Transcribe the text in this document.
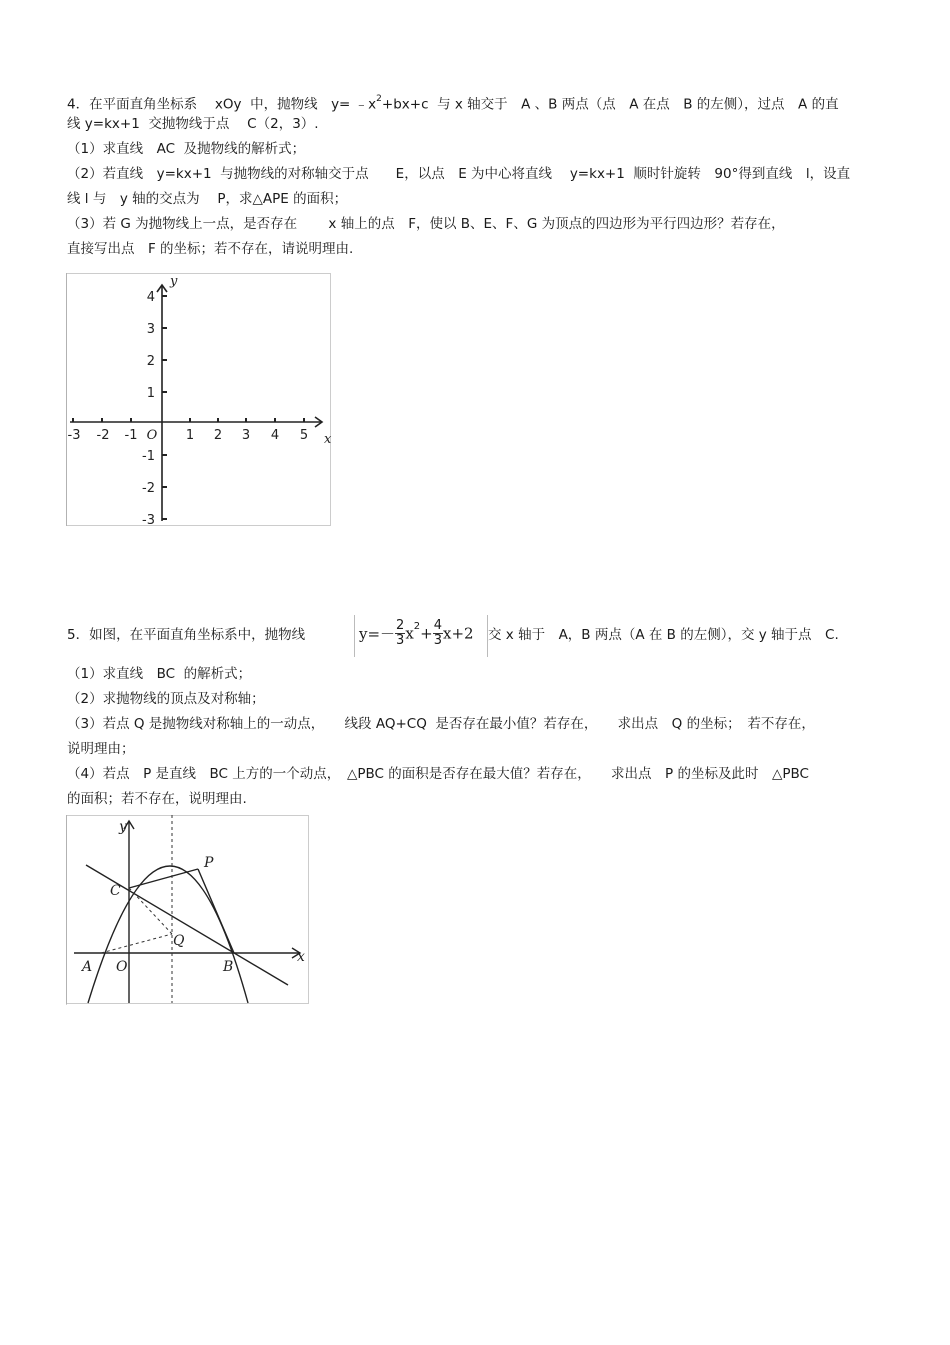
4．在平面直角坐标系　 xOy  中，抛物线　$y= ﹣x^2+bx+c$  与 x 轴交于　A 、B 两点（点　A 在点　B 的左侧），过点　A 的直
线 y=kx+1  交抛物线于点　 C（2，3）.
（1）求直线　AC  及抛物线的解析式；
（2）若直线　y=kx+1  与抛物线的对称轴交于点　　E，以点　E 为中心将直线　 y=kx+1  顺时针旋转　90°得到直线　l，设直
线 l 与　y 轴的交点为　 P，求△APE 的面积；
（3）若 G 为抛物线上一点，是否存在　 　x 轴上的点　F，使以 B、E、F、G 为顶点的四边形为平行四边形？若存在，
直接写出点　F 的坐标；若不存在，请说明理由.
-3 -2 -1 O 1 2 3 4 5
4
3
2
1
-1
-2
-3
x
y
5．如图，在平面直角坐标系中，抛物线	$y=- \frac{2}{3} x^2+ \frac{4}{3} x+2$ 交 x 轴于　A，B 两点（A 在 B 的左侧），交 y 轴于点　C.
（1）求直线　BC  的解析式；
（2）求抛物线的顶点及对称轴；
（3）若点 Q 是抛物线对称轴上的一动点，　　线段 AQ+CQ  是否存在最小值？若存在，　　求出点　Q 的坐标；　若不存在，
说明理由；
（4）若点　P 是直线　BC 上方的一个动点，　△PBC 的面积是否存在最大值？若存在，　　求出点　P 的坐标及此时　△PBC
的面积；若不存在，说明理由.
y
x
P
C
Q
A O	B
